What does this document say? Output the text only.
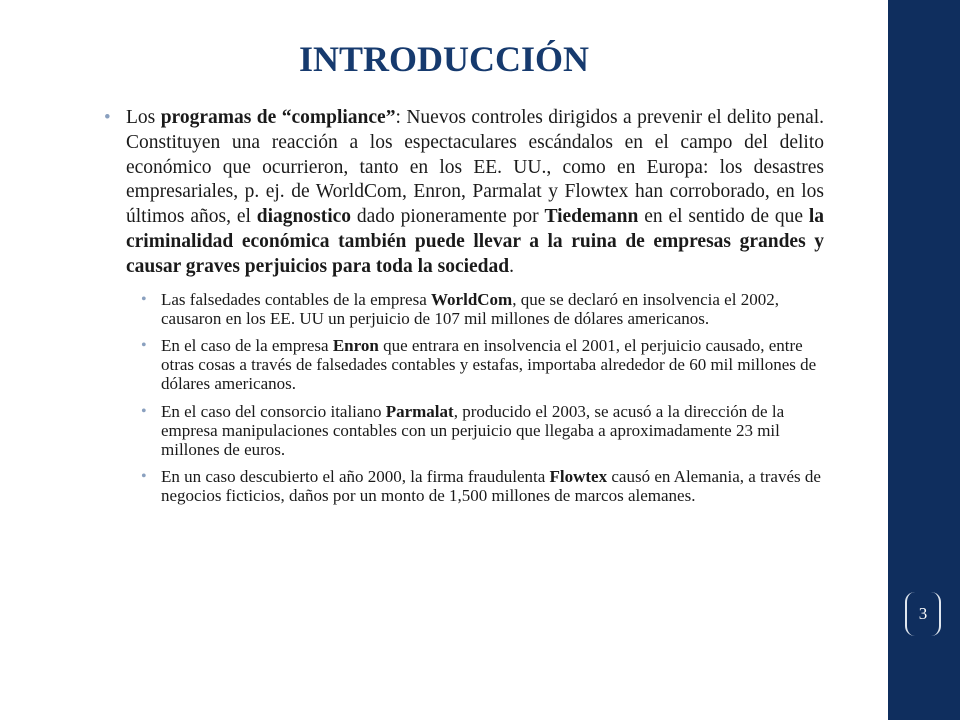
INTRODUCCIÓN

• Los programas de “compliance”: Nuevos controles dirigidos a prevenir el delito penal. Constituyen una reacción a los espectaculares escándalos en el campo del delito económico que ocurrieron, tanto en los EE. UU., como en Europa: los desastres empresariales, p. ej. de WorldCom, Enron, Parmalat y Flowtex han corroborado, en los últimos años, el diagnostico dado pioneramente por Tiedemann en el sentido de que la criminalidad económica también puede llevar a la ruina de empresas grandes y causar graves perjuicios para toda la sociedad.

• Las falsedades contables de la empresa WorldCom, que se declaró en insolvencia el 2002, causaron en los EE. UU un perjuicio de 107 mil millones de dólares americanos.
• En el caso de la empresa Enron que entrara en insolvencia el 2001, el perjuicio causado, entre otras cosas a través de falsedades contables y estafas, importaba alrededor de 60 mil millones de dólares americanos.
• En el caso del consorcio italiano Parmalat, producido el 2003, se acusó a la dirección de la empresa manipulaciones contables con un perjuicio que llegaba a aproximadamente 23 mil millones de euros.
• En un caso descubierto el año 2000, la firma fraudulenta Flowtex causó en Alemania, a través de negocios ficticios, daños por un monto de 1,500 millones de marcos alemanes.
3
